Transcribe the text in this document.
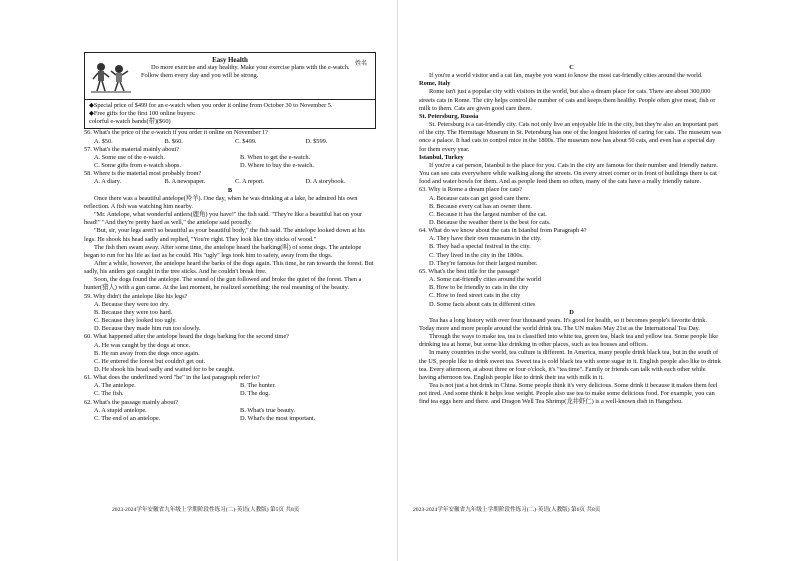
姓名
Easy Health

Do more exercise and stay healthy. Make your exercise plans with the e-watch. Follow them every day and you will be strong.

◆Special price of $499 for an e-watch when you order it online from October 30 to November 5.

◆Free gifts for the first 100 online buyers:

colorful e-watch bands(带)($60)

56. What's the price of the e-watch if you order it online on November 1?

A. $50.	B. $60.	C. $499.	D. $599.

57. What's the material mainly about?

A. Some use of the e-watch.	B. When to get the e-watch.
C. Some gifts from e-watch shops.	D. Where to buy the e-watch.

58. Where is the material most probably from?

A. A diary.	B. A newspaper.	C. A report.	D. A storybook.

B

Once there was a beautiful antelope(羚羊). One day, when he was drinking at a lake, he admired his own reflection. A fish was watching him nearby.

"Mr. Antelope, what wonderful antlers(鹿角) you have!" the fish said. "They're like a beautiful hat on your head!" "And they're pretty hard as well," the antelope said proudly.

"But, sir, your legs aren't so beautiful as your beautiful body," the fish said. The antelope looked down at his legs. He shook his head sadly and replied, "You're right. They look like tiny sticks of wood."

The fish then swam away. After some time, the antelope heard the barking(叫) of some dogs. The antelope began to run for his life as fast as he could. His "ugly" legs took him to safety, away from the dogs.

After a while, however, the antelope heard the barks of the dogs again. This time, he ran towards the forest. But sadly, his antlers got caught in the tree sticks. And he couldn't break free.

Soon, the dogs found the antelope. The sound of the gun followed and broke the quiet of the forest. Then a hunter(猎人) with a gun came. At the last moment, he realized something: the real meaning of the beauty.

59. Why didn't the antelope like his legs?

A. Because they were too dry.

B. Because they were too hard.

C. Because they looked too ugly.

D. Because they made him run too slowly.

60. What happened after the antelope heard the dogs barking for the second time?

A. He was caught by the dogs at once.

B. He ran away from the dogs once again.

C. He entered the forest but couldn't get out.

D. He shook his head sadly and waited for to be caught.

61. What does the underlined word "he" in the last paragraph refer to?

A. The antelope.	B. The hunter.
C. The fish.	D. The dog.

62. What's the passage mainly about?

A. A stupid antelope.	B. What's true beauty.
C. The end of an antelope.	D. What's the most important.
2023-2024学年安徽省九年级上学期阶段性练习(二)·英语(人教版) 第5页 共8页

C

If you're a world visitor and a cat fan, maybe you want to know the most cat-friendly cities around the world.

Rome, Italy

Rome isn't just a popular city with visitors in the world, but also a dream place for cats. There are about 300,000 streets cats in Rome. The city helps control the number of cats and keeps them healthy. People often give meat, fish or milk to them. Cats are given good care there.

St. Petersburg, Russia

St. Petersburg is a cat-friendly city. Cats not only live an enjoyable life in the city, but they're also an important part of the city. The Hermitage Museum in St. Petersburg has one of the longest histories of caring for cats. The museum was once a palace. It had cats to control mice in the 1800s. The museum now has about 50 cats, and even has a special day for them every year.

Istanbul, Turkey

If you're a cat person, Istanbul is the place for you. Cats in the city are famous for their number and friendly nature. You can see cats everywhere while walking along the streets. On every street corner or in front of buildings there is cat food and water bowls for them. And as people feed them so often, many of the cats have a really friendly nature.

63. Why is Rome a dream place for cats?

A. Because cats can get good care there.

B. Because every cat has an owner there.

C. Because it has the largest number of the cat.

D. Because the weather there is the best for cats.

64. What do we know about the cats in Istanbul from Paragraph 4?

A. They have their own museums in the city.

B. They had a special festival in the city.

C. They lived in the city in the 1800s.

D. They're famous for their largest number.

65. What's the best title for the passage?

A. Some cat-friendly cities around the world

B. How to be friendly to cats in the city

C. How to feed street cats in the city

D. Some facts about cats in different cities

D

Tea has a long history with over four thousand years. It's good for health, so it becomes people's favorite drink. Today more and more people around the world drink tea. The UN makes May 21st as the International Tea Day.

Through the ways to make tea, tea is classified into white tea, green tea, black tea and yellow tea. Some people like drinking tea at home, but some like drinking in other places, such as tea houses and offices.

In many countries in the world, tea culture is different. In America, many people drink black tea, but in the south of the US, people like to drink sweet tea. Sweet tea is cold black tea with some sugar in it. English people also like to drink tea. Every afternoon, at about three or four o'clock, it's "tea time". Family or friends can talk with each other while having afternoon tea. English people like to drink their tea with milk in it.

Tea is not just a hot drink in China. Some people think it's very delicious. Some drink it because it makes them feel not tired. And some think it helps lose weight. People also use tea to make some delicious food. For example, you can find tea eggs here and there. and Dragon Well Tea Shrimp(龙井虾仁) is a well-known dish in Hangzhou.

2023-2024学年安徽省九年级上学期阶段性练习(二)·英语(人教版) 第6页 共8页
